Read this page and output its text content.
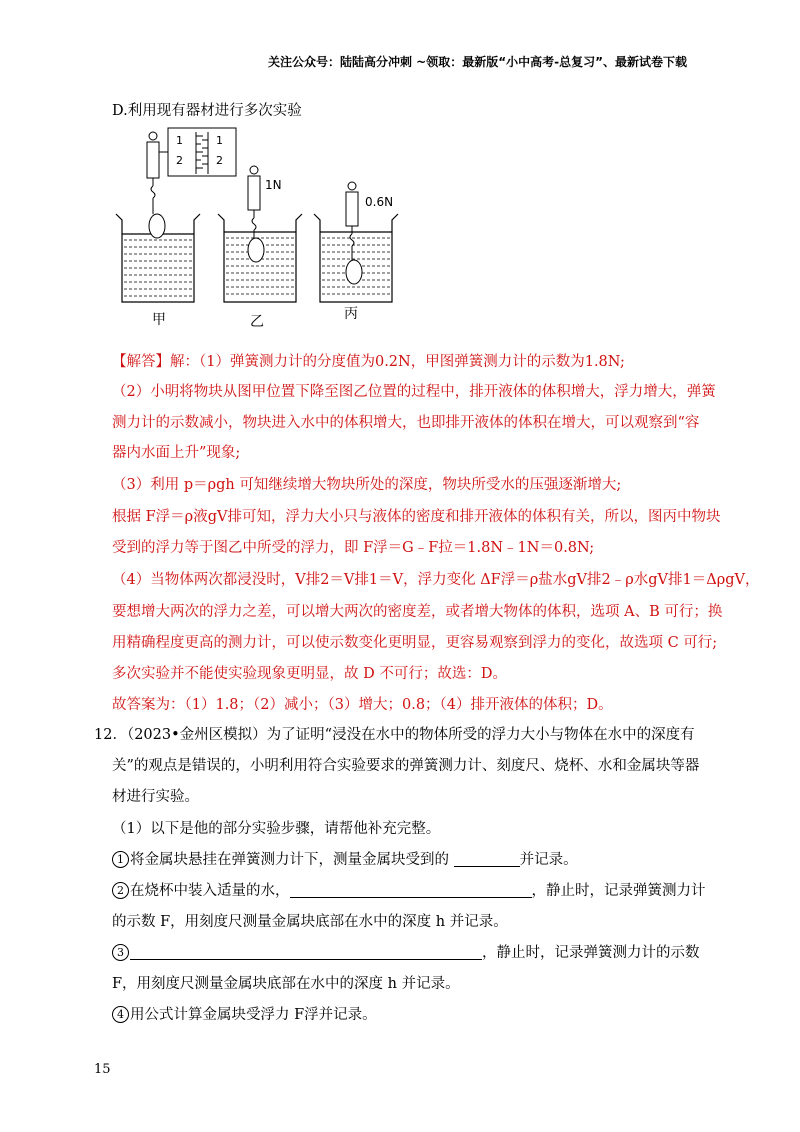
关注公众号：陆陆高分冲刺 ~领取：最新版“小中高考-总复习”、最新试卷下载
D.利用现有器材进行多次实验
1
2
1
2
1N
0.6N
甲	乙	丙
【解答】解：（1）弹簧测力计的分度值为0.2N，甲图弹簧测力计的示数为1.8N;
（2）小明将物块从图甲位置下降至图乙位置的过程中，排开液体的体积增大，浮力增大，弹簧
测力计的示数减小，物块进入水中的体积增大，也即排开液体的体积在增大，可以观察到“容
器内水面上升”现象;
（3）利用 p＝ρgh 可知继续增大物块所处的深度，物块所受水的压强逐渐增大;
根据 F浮＝ρ液gV排可知，浮力大小只与液体的密度和排开液体的体积有关，所以，图丙中物块
受到的浮力等于图乙中所受的浮力，即 F浮＝G﹣F拉＝1.8N﹣1N＝0.8N;
（4）当物体两次都浸没时，V排2＝V排1＝V，浮力变化 ΔF浮＝ρ盐水gV排2﹣ρ水gV排1＝ΔρgV，
要想增大两次的浮力之差，可以增大两次的密度差，或者增大物体的体积，选项 A、B 可行；换
用精确程度更高的测力计，可以使示数变化更明显，更容易观察到浮力的变化，故选项 C 可行;
多次实验并不能使实验现象更明显，故 D 不可行；故选：D。
故答案为：（1）1.8；（2）减小；（3）增大；0.8；（4）排开液体的体积；D。
12．（2023•金州区模拟）为了证明“浸没在水中的物体所受的浮力大小与物体在水中的深度有
关”的观点是错误的，小明利用符合实验要求的弹簧测力计、刻度尺、烧杯、水和金属块等器
材进行实验。
（1）以下是他的部分实验步骤，请帮他补充完整。
1 将金属块悬挂在弹簧测力计下，测量金属块受到的	并记录。
2 在烧杯中装入适量的水，	，静止时，记录弹簧测力计
的示数 F，用刻度尺测量金属块底部在水中的深度 h 并记录。
3	，静止时，记录弹簧测力计的示数
F，用刻度尺测量金属块底部在水中的深度 h 并记录。
4 用公式计算金属块受浮力 F浮并记录。
15
